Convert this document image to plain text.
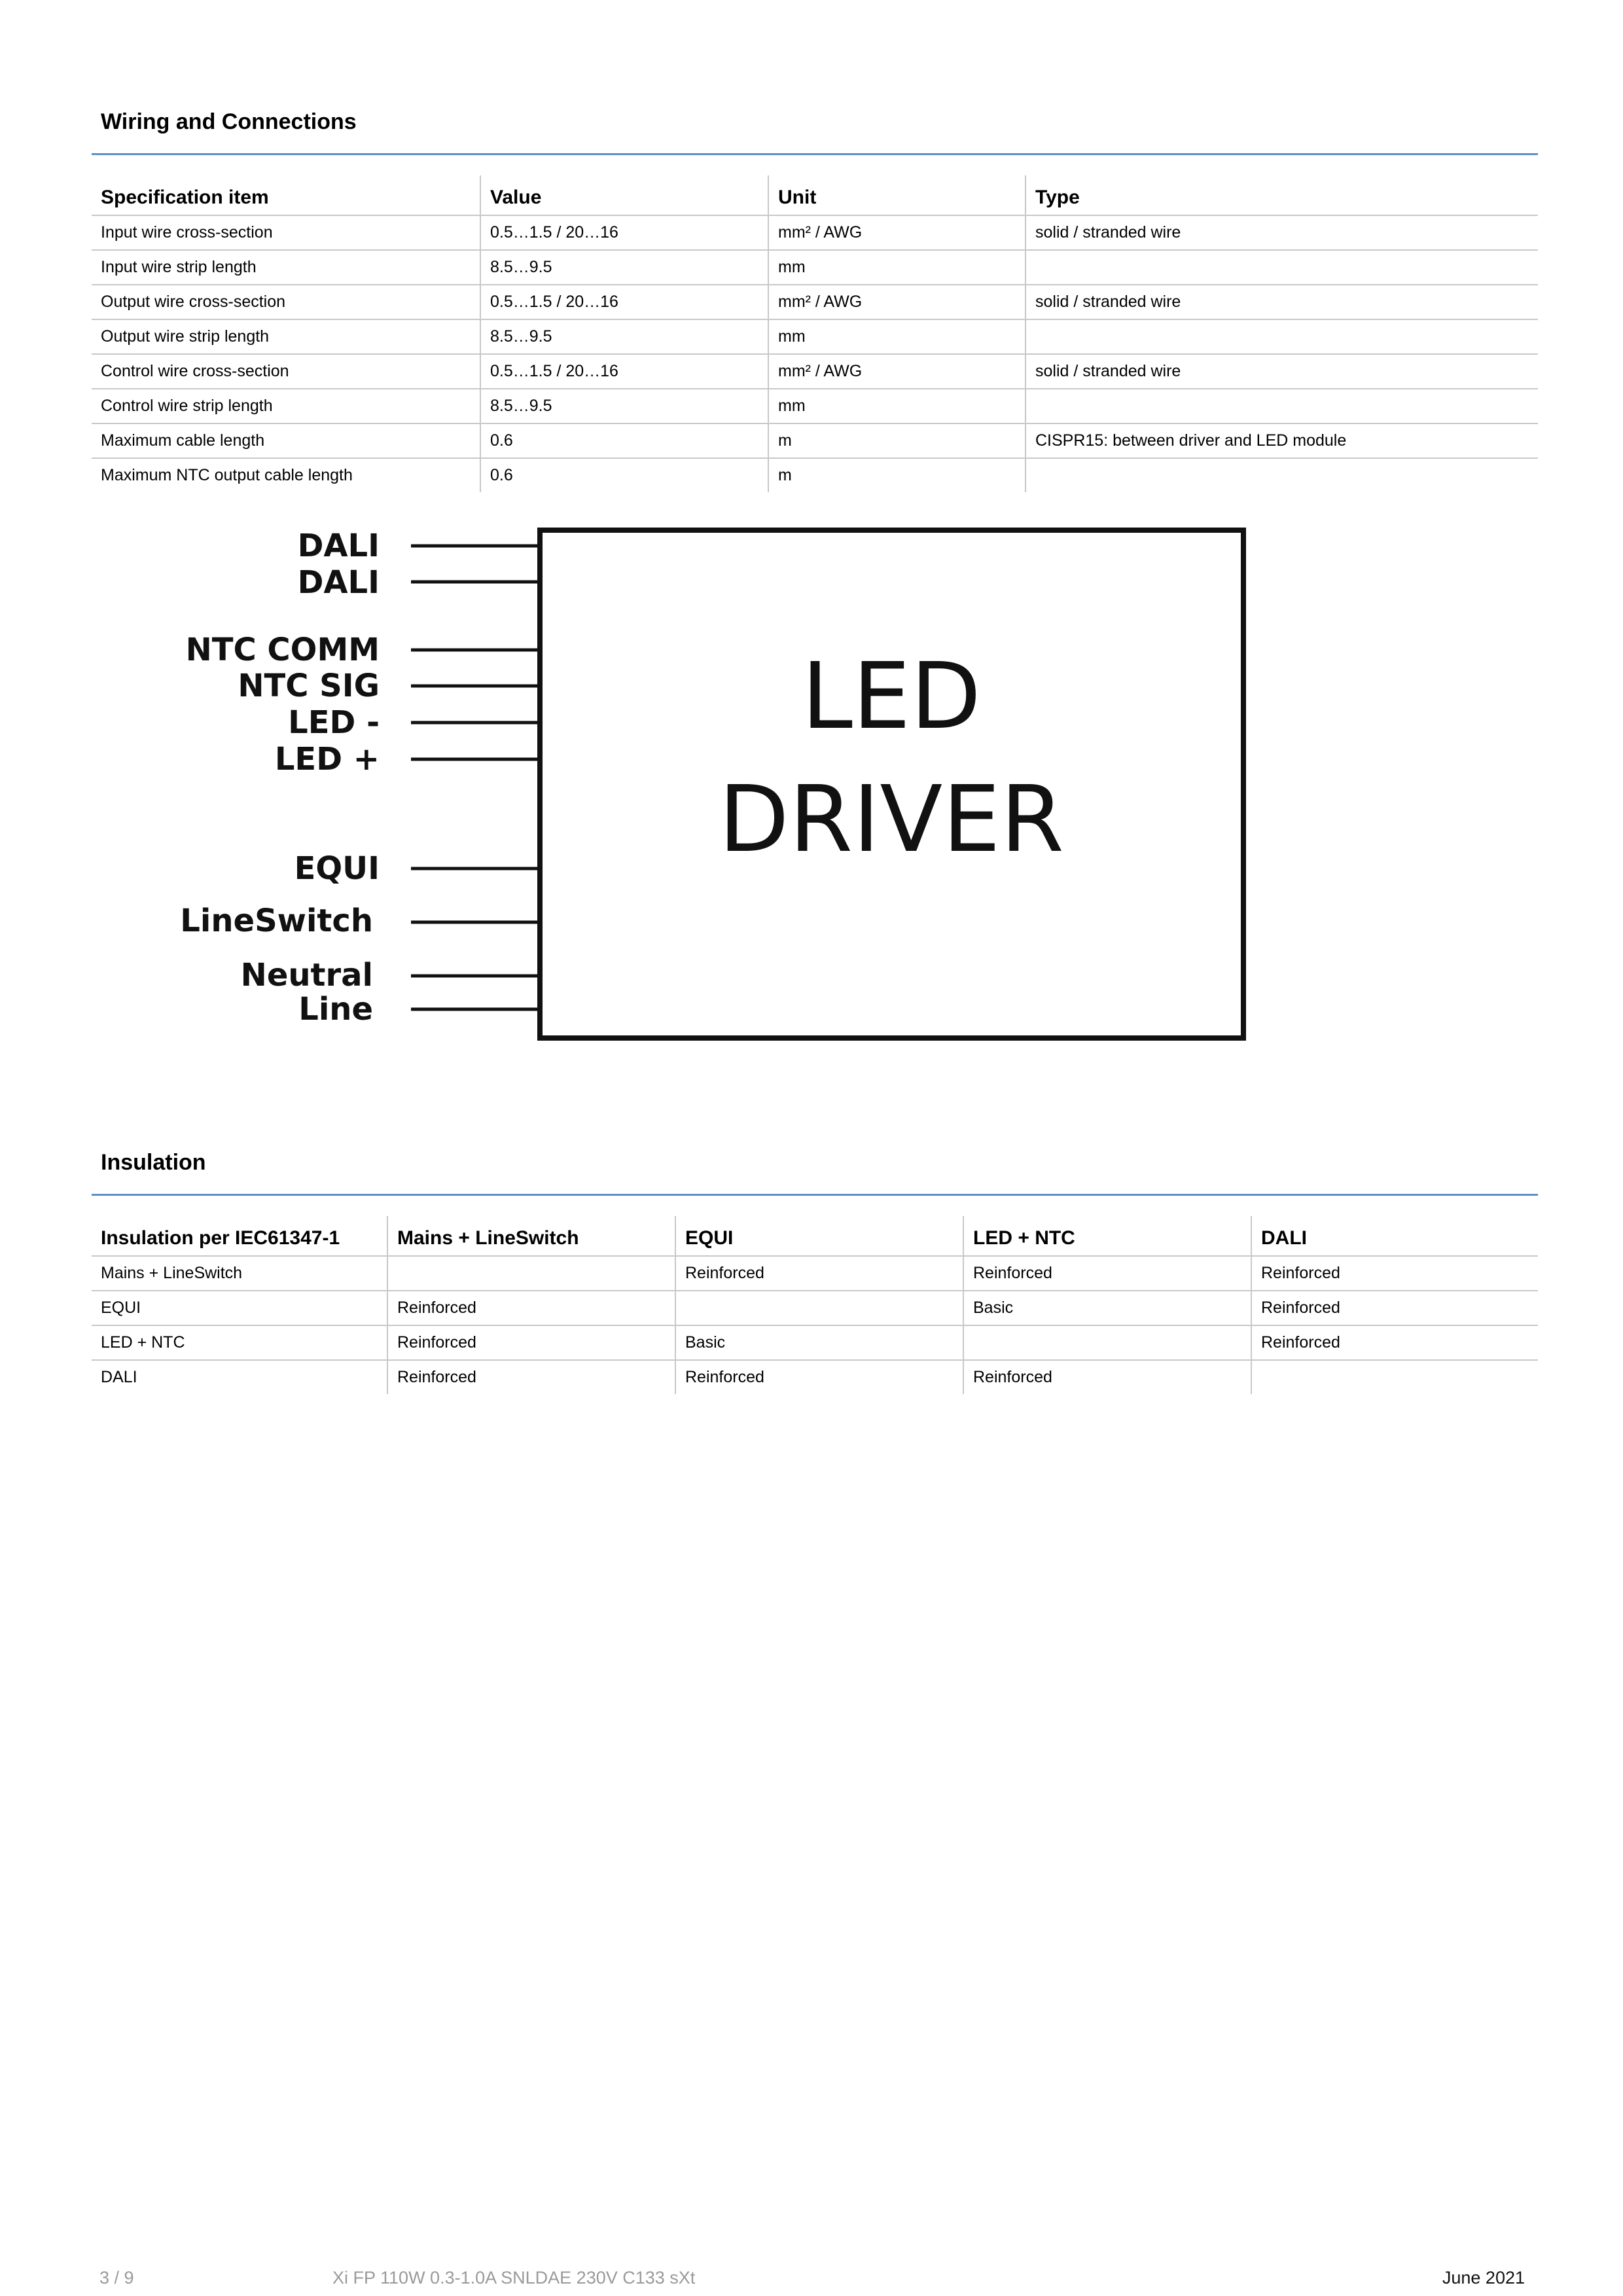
Wiring and Connections
Specification item	Value	Unit	Type
Input wire cross-section	0.5…1.5 / 20…16	mm² / AWG	solid / stranded wire
Input wire strip length	8.5…9.5	mm	
Output wire cross-section	0.5…1.5 / 20…16	mm² / AWG	solid / stranded wire
Output wire strip length	8.5…9.5	mm	
Control wire cross-section	0.5…1.5 / 20…16	mm² / AWG	solid / stranded wire
Control wire strip length	8.5…9.5	mm	
Maximum cable length	0.6	m	CISPR15: between driver and LED module
Maximum NTC output cable length	0.6	m	
DALI
DALI
NTC COMM
NTC SIG
LED -
LED +
EQUI
LineSwitch
Neutral
Line
LED
DRIVER
Insulation
Insulation per IEC61347-1	Mains + LineSwitch	EQUI	LED + NTC	DALI
Mains + LineSwitch		Reinforced	Reinforced	Reinforced
EQUI	Reinforced		Basic	Reinforced
LED + NTC	Reinforced	Basic		Reinforced
DALI	Reinforced	Reinforced	Reinforced	
3 / 9	Xi FP 110W 0.3-1.0A SNLDAE 230V C133 sXt	June 2021
